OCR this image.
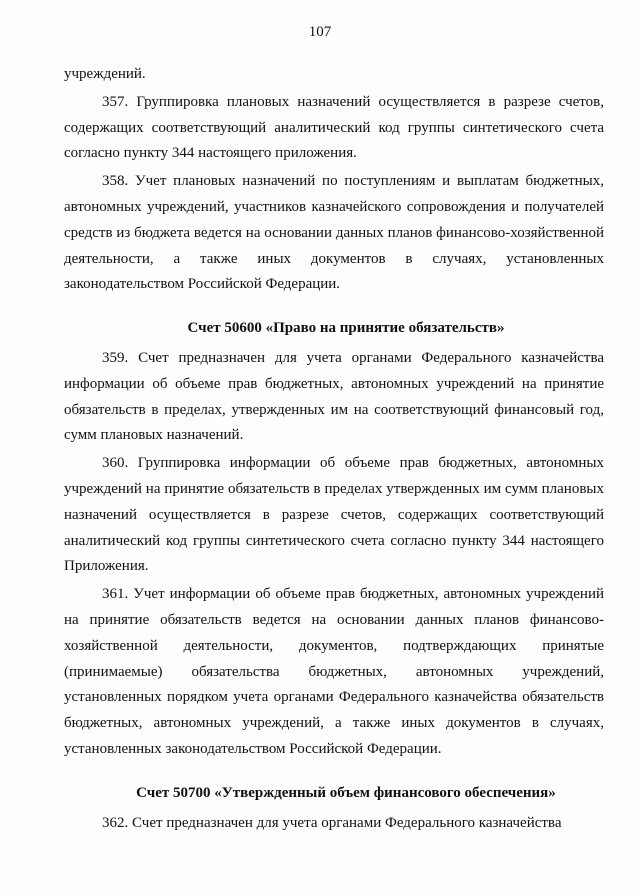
107
учреждений.
357. Группировка плановых назначений осуществляется в разрезе счетов, содержащих соответствующий аналитический код группы синтетического счета согласно пункту 344 настоящего приложения.
358. Учет плановых назначений по поступлениям и выплатам бюджетных, автономных учреждений, участников казначейского сопровождения и получателей средств из бюджета ведется на основании данных планов финансово-хозяйственной деятельности, а также иных документов в случаях, установленных законодательством Российской Федерации.
Счет 50600 «Право на принятие обязательств»
359. Счет предназначен для учета органами Федерального казначейства информации об объеме прав бюджетных, автономных учреждений на принятие обязательств в пределах, утвержденных им на соответствующий финансовый год, сумм плановых назначений.
360. Группировка информации об объеме прав бюджетных, автономных учреждений на принятие обязательств в пределах утвержденных им сумм плановых назначений осуществляется в разрезе счетов, содержащих соответствующий аналитический код группы синтетического счета согласно пункту 344 настоящего Приложения.
361. Учет информации об объеме прав бюджетных, автономных учреждений на принятие обязательств ведется на основании данных планов финансово-хозяйственной деятельности, документов, подтверждающих принятые (принимаемые) обязательства бюджетных, автономных учреждений, установленных порядком учета органами Федерального казначейства обязательств бюджетных, автономных учреждений, а также иных документов в случаях, установленных законодательством Российской Федерации.
Счет 50700 «Утвержденный объем финансового обеспечения»
362. Счет предназначен для учета органами Федерального казначейства
